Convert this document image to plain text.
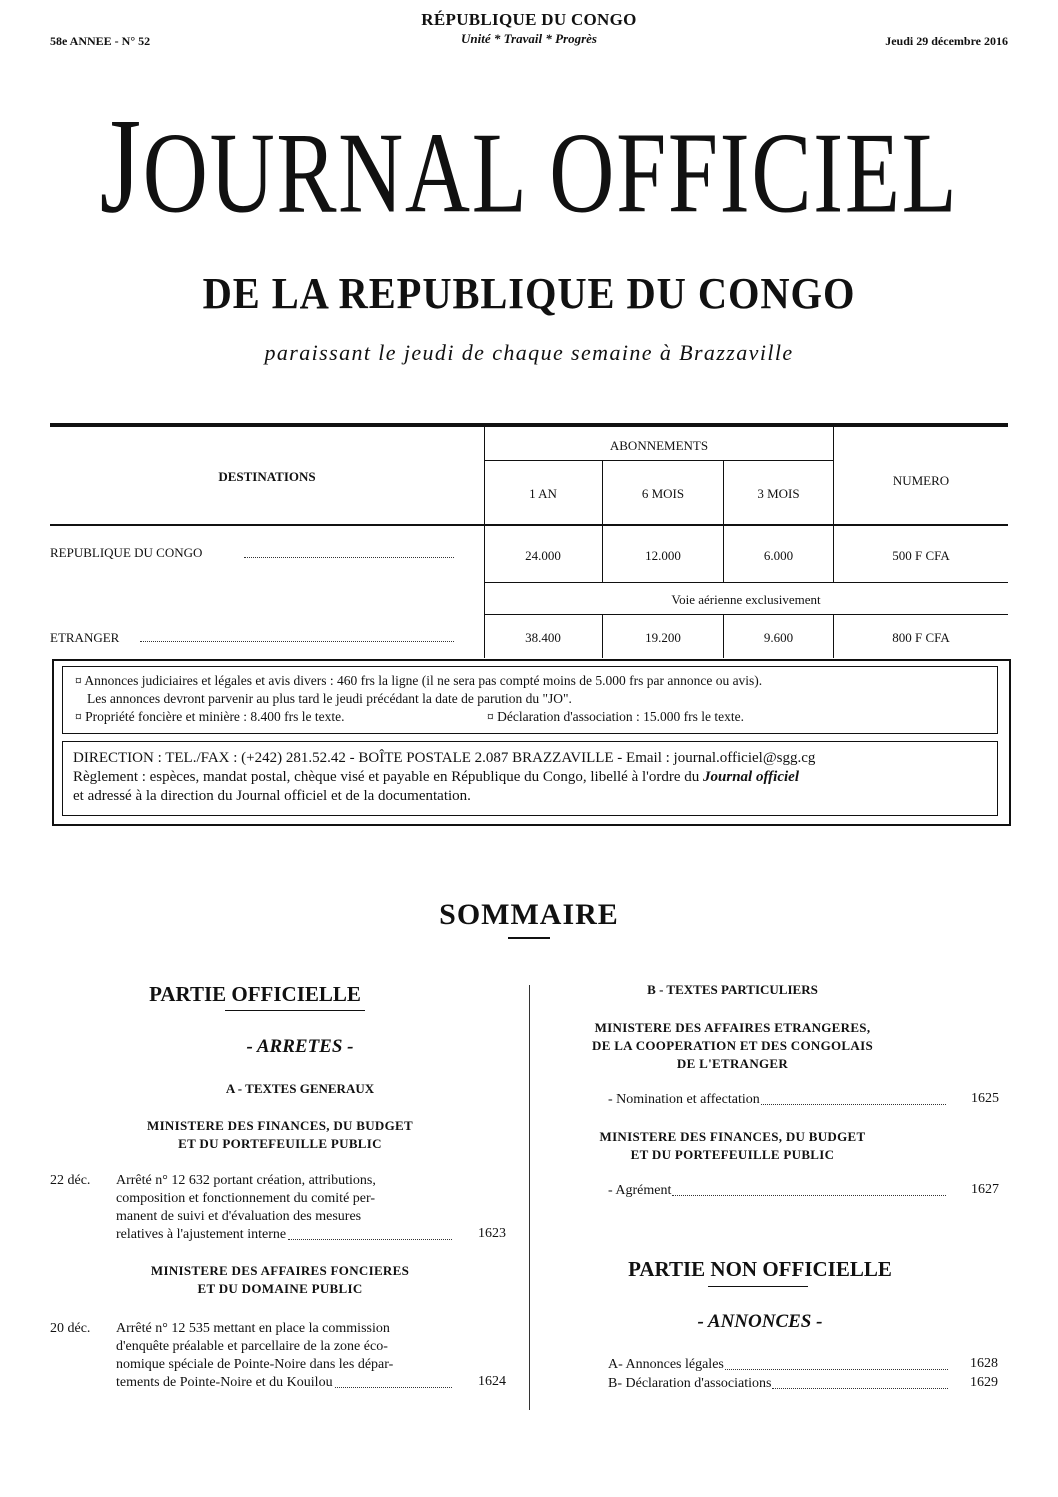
58e ANNEE - N° 52	Jeudi 29 décembre 2016
RÉPUBLIQUE DU CONGO
Unité * Travail * Progrès
JOURNAL OFFICIEL
DE LA REPUBLIQUE DU CONGO
paraissant le jeudi de chaque semaine à Brazzaville
DESTINATIONS
ABONNEMENTS
NUMERO
1 AN	6 MOIS	3 MOIS
REPUBLIQUE DU CONGO	24.000	12.000	6.000	500 F CFA
Voie aérienne exclusivement
ETRANGER	38.400	19.200	9.600	800 F CFA
¤ Annonces judiciaires et légales et avis divers : 460 frs la ligne (il ne sera pas compté moins de 5.000 frs par annonce ou avis).
Les annonces devront parvenir au plus tard le jeudi précédant la date de parution du "JO".
¤ Propriété foncière et minière : 8.400 frs le texte.	¤ Déclaration d'association : 15.000 frs le texte.
DIRECTION : TEL./FAX : (+242) 281.52.42 - BOÎTE POSTALE 2.087 BRAZZAVILLE - Email : journal.officiel@sgg.cg
Règlement : espèces, mandat postal, chèque visé et payable en République du Congo, libellé à l'ordre du Journal officiel
et adressé à la direction du Journal officiel et de la documentation.
SOMMAIRE
PARTIE OFFICIELLE
- ARRETES -
A - TEXTES GENERAUX
MINISTERE DES FINANCES, DU BUDGET
ET DU PORTEFEUILLE PUBLIC
22 déc. Arrêté n° 12 632 portant création, attributions,
composition et fonctionnement du comité per-
manent de suivi et d'évaluation des mesures
relatives à l'ajustement interne	1623
MINISTERE DES AFFAIRES FONCIERES
ET DU DOMAINE PUBLIC
20 déc. Arrêté n° 12 535 mettant en place la commission
d'enquête préalable et parcellaire de la zone éco-
nomique spéciale de Pointe-Noire dans les dépar-
tements de Pointe-Noire et du Kouilou	1624
B - TEXTES PARTICULIERS
MINISTERE DES AFFAIRES ETRANGERES,
DE LA COOPERATION ET DES CONGOLAIS
DE L'ETRANGER
- Nomination et affectation	1625
MINISTERE DES FINANCES, DU BUDGET
ET DU PORTEFEUILLE PUBLIC
- Agrément	1627
PARTIE NON OFFICIELLE
- ANNONCES -
A- Annonces légales	1628
B- Déclaration d'associations	1629
